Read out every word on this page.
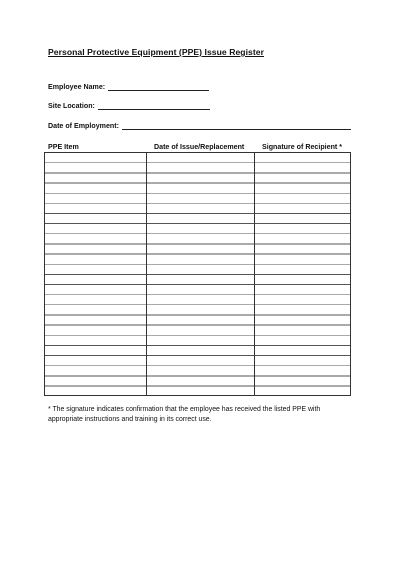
Personal Protective Equipment (PPE) Issue Register
Employee Name:
Site Location:
Date of Employment:
PPE Item	Date of Issue/Replacement Signature of Recipient *
* The signature indicates confirmation that the employee has received the listed PPE with appropriate instructions and training in its correct use.
